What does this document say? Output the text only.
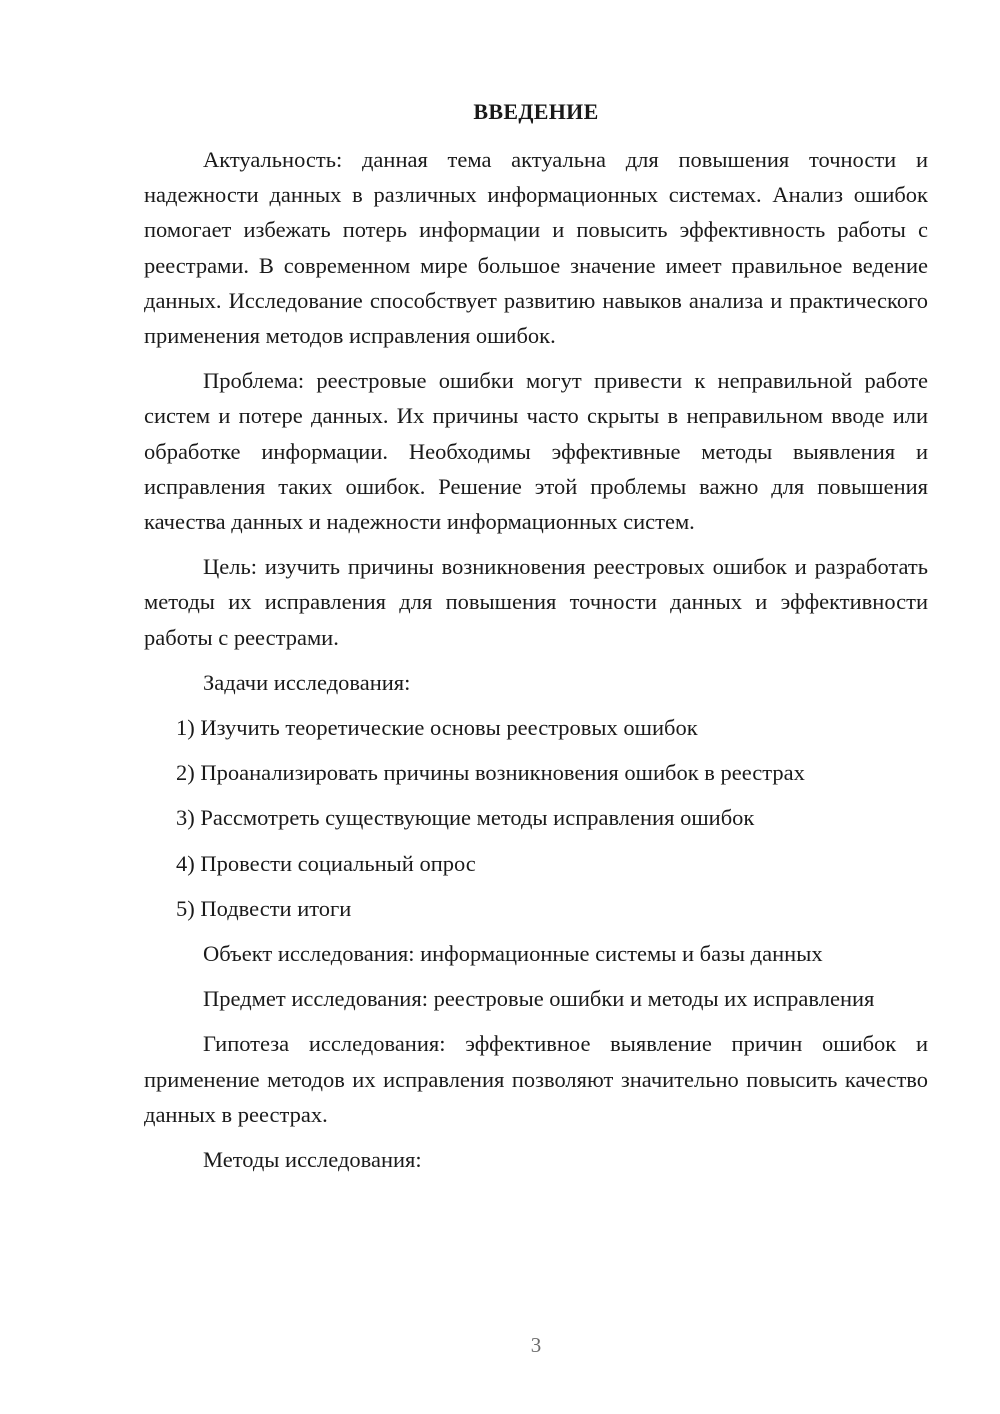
ВВЕДЕНИЕ

Актуальность: данная тема актуальна для повышения точности и надежности данных в различных информационных системах. Анализ ошибок помогает избежать потерь информации и повысить эффективность работы с реестрами. В современном мире большое значение имеет правильное ведение данных. Исследование способствует развитию навыков анализа и практического применения методов исправления ошибок.

Проблема: реестровые ошибки могут привести к неправильной работе систем и потере данных. Их причины часто скрыты в неправильном вводе или обработке информации. Необходимы эффективные методы выявления и исправления таких ошибок. Решение этой проблемы важно для повышения качества данных и надежности информационных систем.

Цель: изучить причины возникновения реестровых ошибок и разработать методы их исправления для повышения точности данных и эффективности работы с реестрами.

Задачи исследования:

1) Изучить теоретические основы реестровых ошибок

2) Проанализировать причины возникновения ошибок в реестрах

3) Рассмотреть существующие методы исправления ошибок

4) Провести социальный опрос

5) Подвести итоги

Объект исследования: информационные системы и базы данных

Предмет исследования: реестровые ошибки и методы их исправления

Гипотеза исследования: эффективное выявление причин ошибок и применение методов их исправления позволяют значительно повысить качество данных в реестрах.

Методы исследования:

3
